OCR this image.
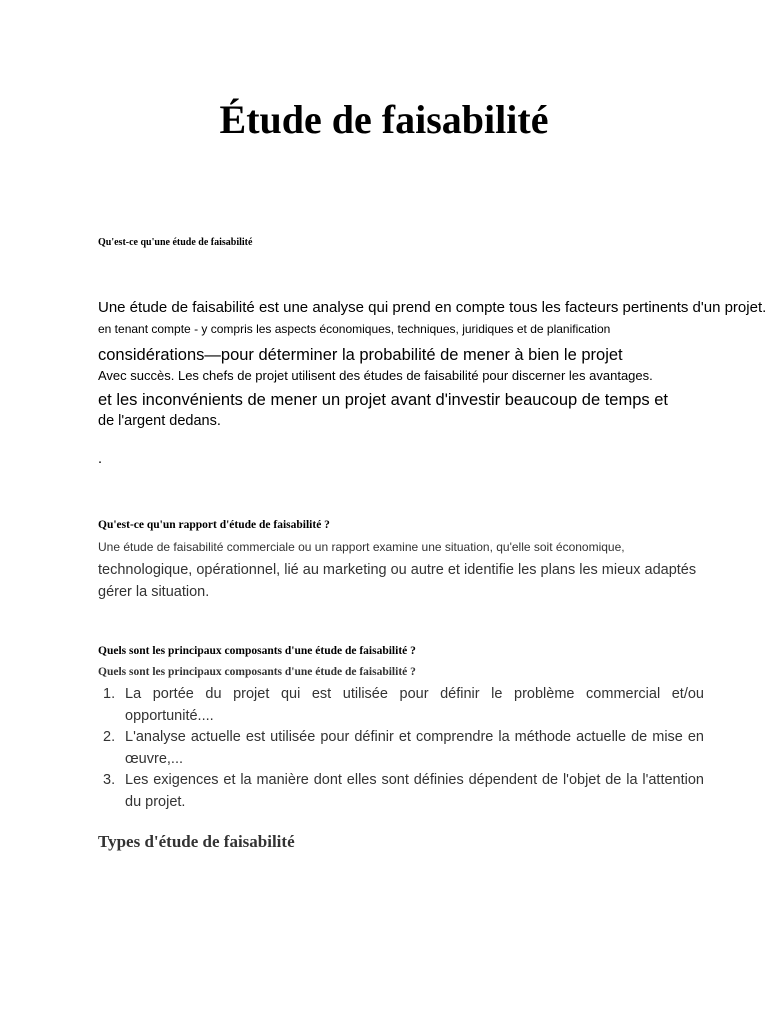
Étude de faisabilité
Qu'est-ce qu'une étude de faisabilité
Une étude de faisabilité est une analyse qui prend en compte tous les facteurs pertinents d'un projet.
en tenant compte - y compris les aspects économiques, techniques, juridiques et de planification
considérations—pour déterminer la probabilité de mener à bien le projet
Avec succès. Les chefs de projet utilisent des études de faisabilité pour discerner les avantages.
et les inconvénients de mener un projet avant d'investir beaucoup de temps et
de l'argent dedans.
.
Qu'est-ce qu'un rapport d'étude de faisabilité ?
Une étude de faisabilité commerciale ou un rapport examine une situation, qu'elle soit économique,
technologique, opérationnel, lié au marketing ou autre et identifie les plans les mieux adaptés
gérer la situation.
Quels sont les principaux composants d'une étude de faisabilité ?
Quels sont les principaux composants d'une étude de faisabilité ?
1. La portée du projet qui est utilisée pour définir le problème commercial et/ou opportunité....
2. L'analyse actuelle est utilisée pour définir et comprendre la méthode actuelle de mise en œuvre,...
3. Les exigences et la manière dont elles sont définies dépendent de l'objet de la l'attention du projet.
Types d'étude de faisabilité
